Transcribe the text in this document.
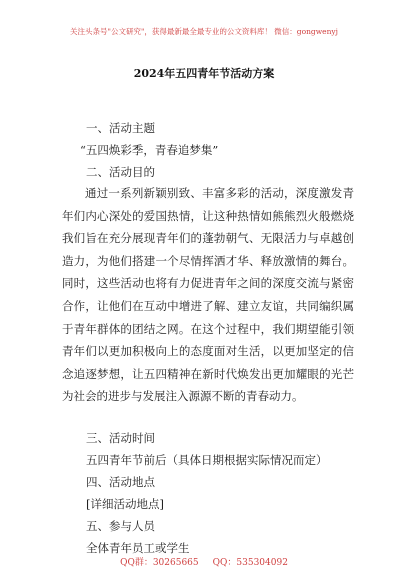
关注头条号"公文研究"，获得最新最全最专业的公文资料库！ 微信：gongwenyj
2024年五四青年节活动方案
一、活动主题
“五四焕彩季，青春追梦集”
二、活动目的
通过一系列新颖别致、丰富多彩的活动，深度激发青年们内心深处的爱国热情，让这种热情如熊熊烈火般燃烧我们旨在充分展现青年们的蓬勃朝气、无限活力与卓越创造力，为他们搭建一个尽情挥洒才华、释放激情的舞台。同时，这些活动也将有力促进青年之间的深度交流与紧密合作，让他们在互动中增进了解、建立友谊，共同编织属于青年群体的团结之网。在这个过程中，我们期望能引领青年们以更加积极向上的态度面对生活，以更加坚定的信念追逐梦想，让五四精神在新时代焕发出更加耀眼的光芒为社会的进步与发展注入源源不断的青春动力。
三、活动时间
五四青年节前后（具体日期根据实际情况而定）
四、活动地点
[详细活动地点]
五、参与人员
全体青年员工或学生
QQ群：30265665 QQ：535304092
